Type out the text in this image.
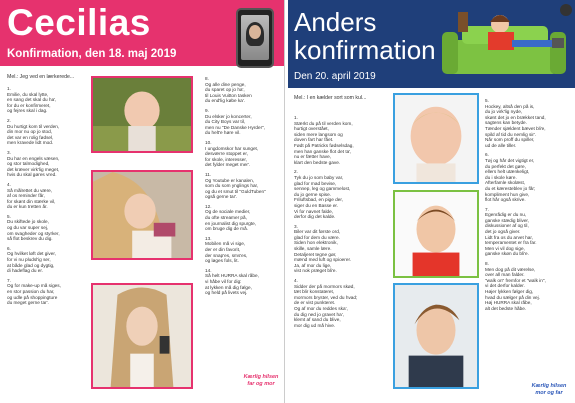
Cecilias
Konfirmation, den 18. maj 2019
Mel.: Jeg ved en lærkerede...
1.
Emilie, du skal lytte,
en sang det skal du ha',
for du er konfirmeret,
og fejres skal i dag.
2.
Du hurtigt kom til verden,
din mor nu op jo stod,
det var en rolig fødsel,
men kravede lidt mod.
3.
Du har en engels væsen,
og stor talmodighed,
det kræver virk'lig meget,
hvis du skal gøres vred.
4.
Så målrettet du være,
af os reminder får,
for skønt din stærke vil,
du er kun tretten år.
5.
Du skiftede jo skole,
og du var super sej,
om svagheder og styrker,
så flot beskrev du dig.
6.
Og hvilket løft det giver,
for vi nu pludsl'ig ser,
at både glad og dygtig,
di hadeflag du er.
7.
Og for make-up må siges,
en stor passion du har,
og udle på shoppingture
du meget gerne tar'.
8.
Og alle dine penge,
du sparet op jo ha',
til Louis Vuitton tasken
du end'lig købe ka'.
9.
Du elsker jo koncerter,
du City Boys var til,
men nu "De Danske Hyrder",
du helt'e høre vil.
10.
I ungdomskor har sunget,
desværre stoppet er,
for skole, interesser,
det fylder meget mer'.
11.
Og Youtube er kanalen,
som du som ynglings har,
og du et smut til "GuldTuben"
også gerne tar'.
12.
Og de sociale medier,
du ofte streamer på,
en journalist dig spurgte,
om bruge dig de må.
13.
Mobilen må vi sige,
der er din favorit,
der snap'es, sms'es,
og løges fols, lit.
14.
Så helt HURRA skal råbe,
vi håbe vil for dig:
at lykken må dig følge,
og held på livets vej.
Kærlig hilsen
far og mor
Anders
konfirmation
Den 20. april 2019
Mel.: I en kælder sort som kul...
1.
Stærkt du på til verden kom,
hurtigt overstået,
siden mere langsom og
doven fart har fået.
Født på Patricks fødselsdag,
men han ganske flot det ta',
nu er fætter have,
klart den bedste gave.
2.
Tyk du jo som baby var,
glad for mad bevise,
sennep, leg og gammelost,
du jo gerne spise.
Friluftsbad, en pige der,
siger du en Basse er.
Vi for navnet falde,
derfor dig det kalde.
3.
Biler var dit første ord,
glad for dem du være.
Siden hon elektronik,
skille, samle lære.
Detaljeret tegne gør,
mænd med luft og spioerer.
Ja, af mor du lige,
vist nok præget bli'e.
4.
Sidder der på mormors skød,
tæt blir konstateret,
mormors bryster, ved du hvad;
de er vist punkteret.
Og af mor du reddes ska',
du dig ned jo gravet ha',
klemt af sand du blive,
mor dig ud må hive.
5.
Hockey, altså den på is,
du jo virk'lig nyde,
skønt det jo en brækket tand,
sagtens kan betyde.
Tænder sjældent bævet bli'e,
spild af tid du nemlig sir'.
Når som proff du spiller,
ud de alle tiller.
6.
Tøj og hår det vigtigt er,
du perfekt det gøre,
ellers helt utænkeligt,
du i skole køre.
Afterfamle skolæst,
du et kæresteblev jo får;
kompliment hun give,
flot hår også skrive.
7.
Egenrådig er du nu,
ganske stædig bliver,
diskussioner af og til,
det jo også giver.
Lidt fra os du arvet har,
temperamentet er fra far.
Men vi vil dog sige,
ganske skøn du bli'e.
8.
Men dog på dit værelse,
over all man falder.
"walk on" fremfor et "walk in",
vi det derfor kalder.
Højer lykken følger dig,
hvad du sælger på din vej.
Høj HURRA skal råbe,
alt det bedste håbe.
Kærlig hilsen
mor og far
